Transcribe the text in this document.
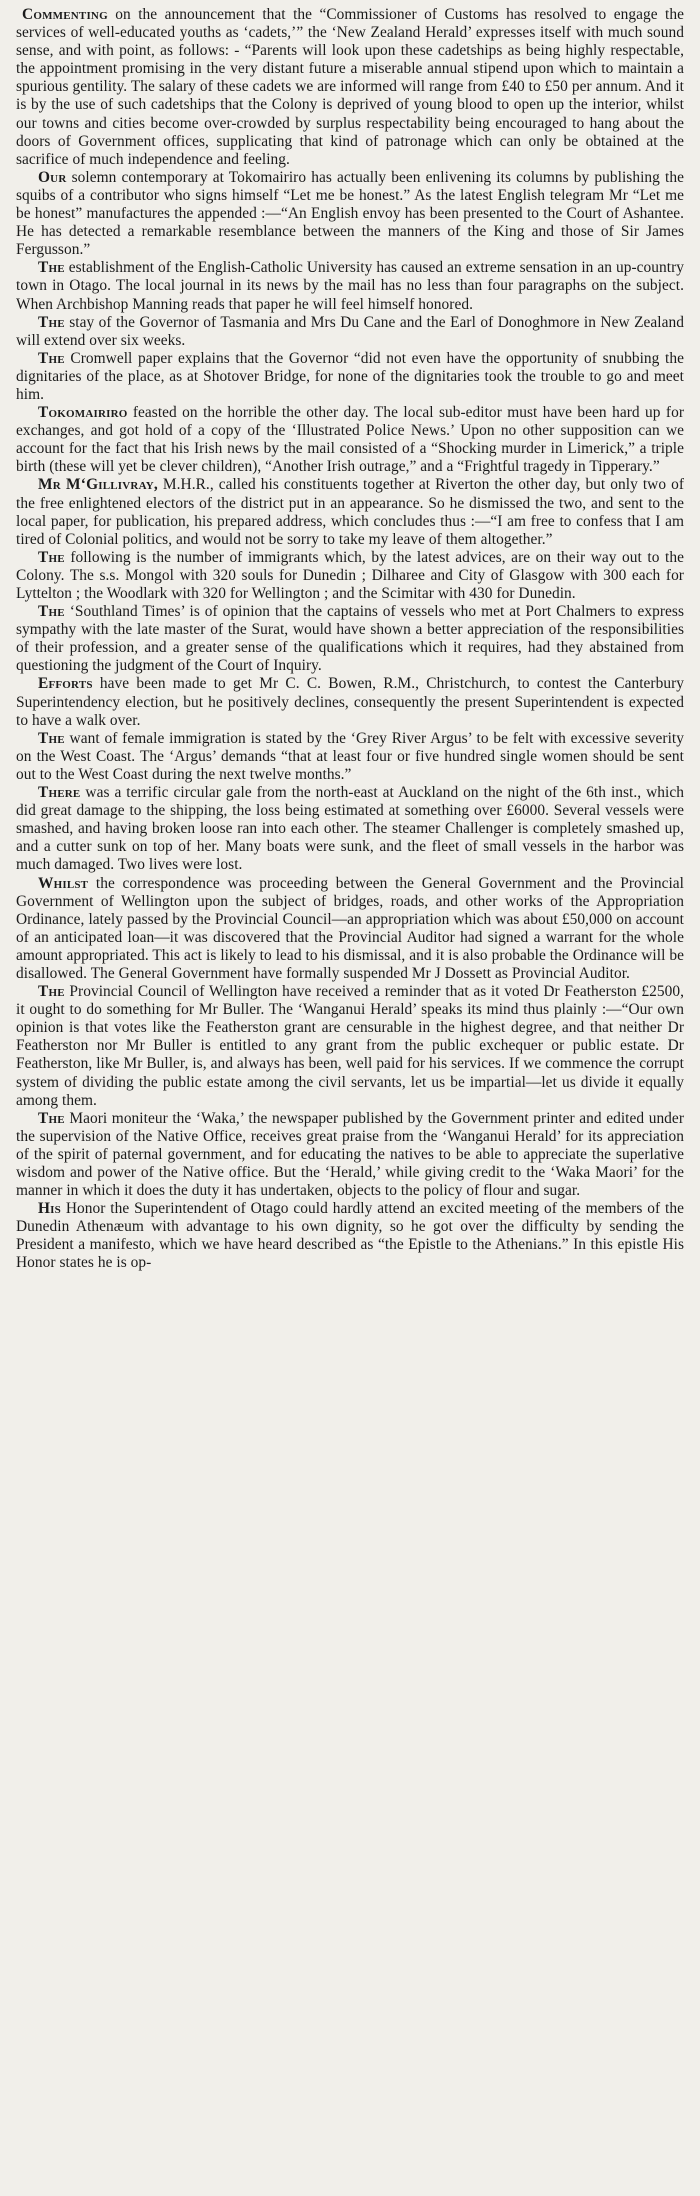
Commenting on the announcement that the “Commissioner of Customs has resolved to engage the services of well-educated youths as ‘cadets,’” the ‘New Zealand Herald’ expresses itself with much sound sense, and with point, as follows: - “Parents will look upon these cadetships as being highly respectable, the appointment promising in the very distant future a miserable annual stipend upon which to maintain a spurious gentility. The salary of these cadets we are informed will range from £40 to £50 per annum. And it is by the use of such cadetships that the Colony is deprived of young blood to open up the interior, whilst our towns and cities become over-crowded by surplus respectability being encouraged to hang about the doors of Government offices, supplicating that kind of patronage which can only be obtained at the sacrifice of much independence and feeling.

Our solemn contemporary at Tokomairiro has actually been enlivening its columns by publishing the squibs of a contributor who signs himself “Let me be honest.” As the latest English telegram Mr “Let me be honest” manufactures the appended :—“An English envoy has been presented to the Court of Ashantee. He has detected a remarkable resemblance between the manners of the King and those of Sir James Fergusson.”

The establishment of the English-Catholic University has caused an extreme sensation in an up-country town in Otago. The local journal in its news by the mail has no less than four paragraphs on the subject. When Archbishop Manning reads that paper he will feel himself honored.

The stay of the Governor of Tasmania and Mrs Du Cane and the Earl of Donoghmore in New Zealand will extend over six weeks.

The Cromwell paper explains that the Governor “did not even have the opportunity of snubbing the dignitaries of the place, as at Shotover Bridge, for none of the dignitaries took the trouble to go and meet him.

Tokomairiro feasted on the horrible the other day. The local sub-editor must have been hard up for exchanges, and got hold of a copy of the ‘Illustrated Police News.’ Upon no other supposition can we account for the fact that his Irish news by the mail consisted of a “Shocking murder in Limerick,” a triple birth (these will yet be clever children), “Another Irish outrage,” and a “Frightful tragedy in Tipperary.”

Mr M‘Gillivray, M.H.R., called his constituents together at Riverton the other day, but only two of the free enlightened electors of the district put in an appearance. So he dismissed the two, and sent to the local paper, for publication, his prepared address, which concludes thus :—“I am free to confess that I am tired of Colonial politics, and would not be sorry to take my leave of them altogether.”

The following is the number of immigrants which, by the latest advices, are on their way out to the Colony. The s.s. Mongol with 320 souls for Dunedin ; Dilharee and City of Glasgow with 300 each for Lyttelton ; the Woodlark with 320 for Wellington ; and the Scimitar with 430 for Dunedin.

The ‘Southland Times’ is of opinion that the captains of vessels who met at Port Chalmers to express sympathy with the late master of the Surat, would have shown a better appreciation of the responsibilities of their profession, and a greater sense of the qualifications which it requires, had they abstained from questioning the judgment of the Court of Inquiry.

Efforts have been made to get Mr C. C. Bowen, R.M., Christchurch, to contest the Canterbury Superintendency election, but he positively declines, consequently the present Superintendent is expected to have a walk over.

The want of female immigration is stated by the ‘Grey River Argus’ to be felt with excessive severity on the West Coast. The ‘Argus’ demands “that at least four or five hundred single women should be sent out to the West Coast during the next twelve months.”

There was a terrific circular gale from the north-east at Auckland on the night of the 6th inst., which did great damage to the shipping, the loss being estimated at something over £6000. Several vessels were smashed, and having broken loose ran into each other. The steamer Challenger is completely smashed up, and a cutter sunk on top of her. Many boats were sunk, and the fleet of small vessels in the harbor was much damaged. Two lives were lost.

Whilst the correspondence was proceeding between the General Government and the Provincial Government of Wellington upon the subject of bridges, roads, and other works of the Appropriation Ordinance, lately passed by the Provincial Council—an appropriation which was about £50,000 on account of an anticipated loan—it was discovered that the Provincial Auditor had signed a warrant for the whole amount appropriated. This act is likely to lead to his dismissal, and it is also probable the Ordinance will be disallowed. The General Government have formally suspended Mr J Dossett as Provincial Auditor.

The Provincial Council of Wellington have received a reminder that as it voted Dr Featherston £2500, it ought to do something for Mr Buller. The ‘Wanganui Herald’ speaks its mind thus plainly :—“Our own opinion is that votes like the Featherston grant are censurable in the highest degree, and that neither Dr Featherston nor Mr Buller is entitled to any grant from the public exchequer or public estate. Dr Featherston, like Mr Buller, is, and always has been, well paid for his services. If we commence the corrupt system of dividing the public estate among the civil servants, let us be impartial—let us divide it equally among them.

The Maori moniteur the ‘Waka,’ the newspaper published by the Government printer and edited under the supervision of the Native Office, receives great praise from the ‘Wanganui Herald’ for its appreciation of the spirit of paternal government, and for educating the natives to be able to appreciate the superlative wisdom and power of the Native office. But the ‘Herald,’ while giving credit to the ‘Waka Maori’ for the manner in which it does the duty it has undertaken, objects to the policy of flour and sugar.

His Honor the Superintendent of Otago could hardly attend an excited meeting of the members of the Dunedin Athenæum with advantage to his own dignity, so he got over the difficulty by sending the President a manifesto, which we have heard described as “the Epistle to the Athenians.” In this epistle His Honor states he is op-
